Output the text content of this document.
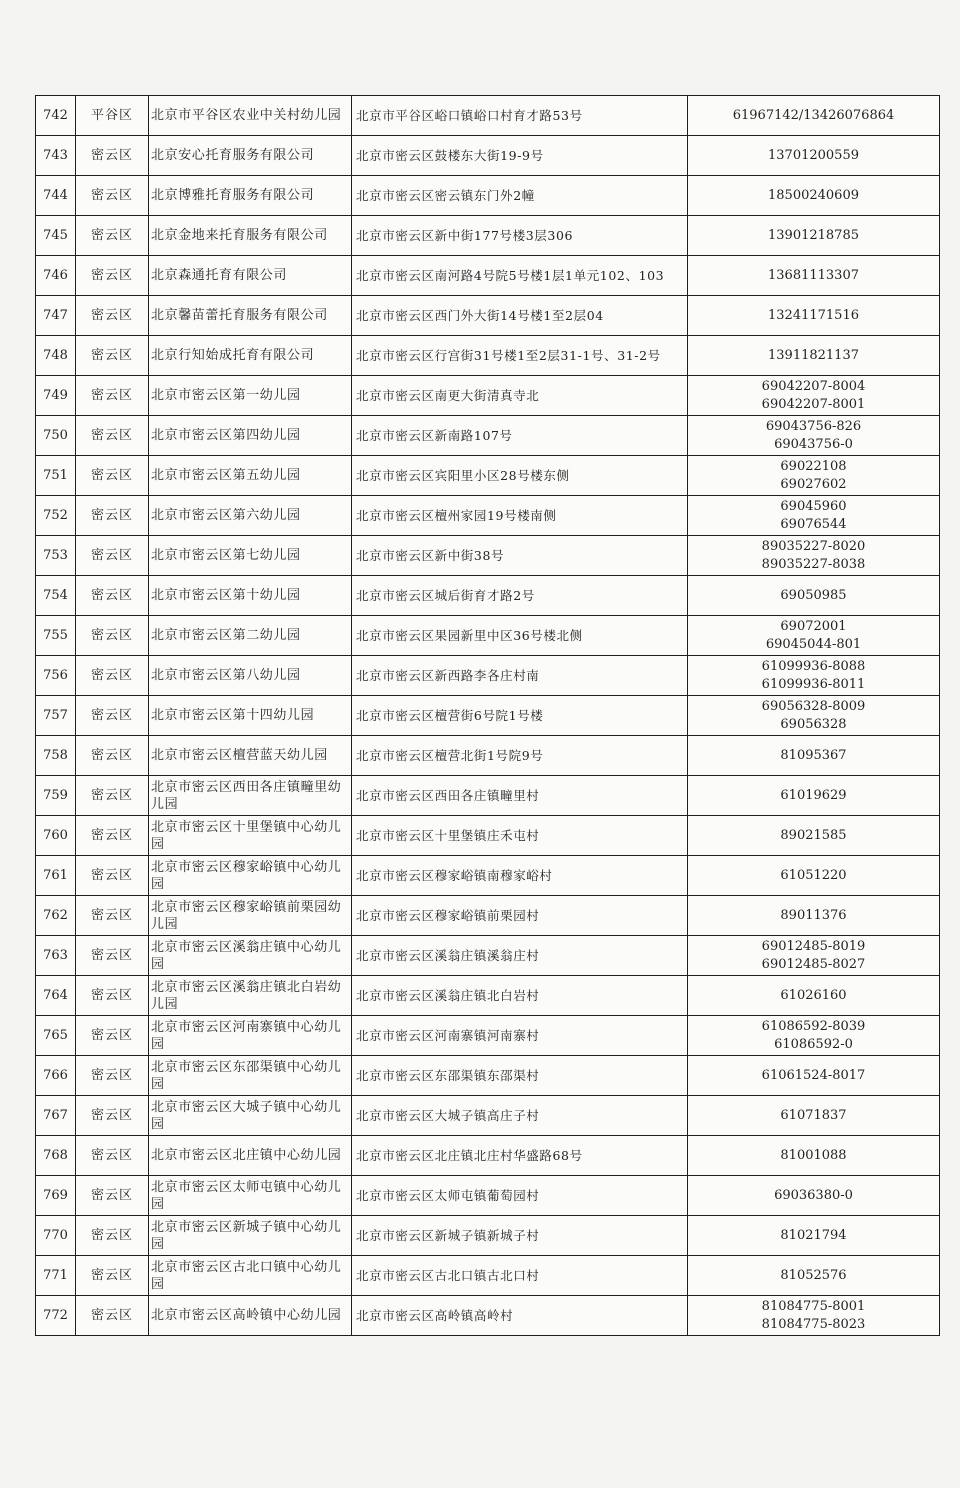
742	平谷区	北京市平谷区农业中关村幼儿园	北京市平谷区峪口镇峪口村育才路53号	61967142/13426076864

743	密云区	北京安心托育服务有限公司	北京市密云区鼓楼东大街19-9号	13701200559

744	密云区	北京博雅托育服务有限公司	北京市密云区密云镇东门外2幢	18500240609

745	密云区	北京金地来托育服务有限公司	北京市密云区新中街177号楼3层306	13901218785

746	密云区	北京森通托育有限公司	北京市密云区南河路4号院5号楼1层1单元102、103	13681113307

747	密云区	北京馨苗蕾托育服务有限公司	北京市密云区西门外大街14号楼1至2层04	13241171516

748	密云区	北京行知始成托育有限公司	北京市密云区行宫街31号楼1至2层31-1号、31-2号	13911821137

749	密云区	北京市密云区第一幼儿园	北京市密云区南更大街清真寺北	69042207-8004
69042207-8001

750	密云区	北京市密云区第四幼儿园	北京市密云区新南路107号	69043756-826
69043756-0

751	密云区	北京市密云区第五幼儿园	北京市密云区宾阳里小区28号楼东侧	69022108
69027602

752	密云区	北京市密云区第六幼儿园	北京市密云区檀州家园19号楼南侧	69045960
69076544

753	密云区	北京市密云区第七幼儿园	北京市密云区新中街38号	89035227-8020
89035227-8038

754	密云区	北京市密云区第十幼儿园	北京市密云区城后街育才路2号	69050985

755	密云区	北京市密云区第二幼儿园	北京市密云区果园新里中区36号楼北侧	69072001
69045044-801

756	密云区	北京市密云区第八幼儿园	北京市密云区新西路李各庄村南	61099936-8088
61099936-8011

757	密云区	北京市密云区第十四幼儿园	北京市密云区檀营街6号院1号楼	69056328-8009
69056328

758	密云区	北京市密云区檀营蓝天幼儿园	北京市密云区檀营北街1号院9号	81095367

759	密云区	北京市密云区西田各庄镇疃里幼儿园	北京市密云区西田各庄镇疃里村	61019629

760	密云区	北京市密云区十里堡镇中心幼儿园	北京市密云区十里堡镇庄禾屯村	89021585

761	密云区	北京市密云区穆家峪镇中心幼儿园	北京市密云区穆家峪镇南穆家峪村	61051220

762	密云区	北京市密云区穆家峪镇前栗园幼儿园	北京市密云区穆家峪镇前栗园村	89011376

763	密云区	北京市密云区溪翁庄镇中心幼儿园	北京市密云区溪翁庄镇溪翁庄村	69012485-8019
69012485-8027

764	密云区	北京市密云区溪翁庄镇北白岩幼儿园	北京市密云区溪翁庄镇北白岩村	61026160

765	密云区	北京市密云区河南寨镇中心幼儿园	北京市密云区河南寨镇河南寨村	61086592-8039
61086592-0

766	密云区	北京市密云区东邵渠镇中心幼儿园	北京市密云区东邵渠镇东邵渠村	61061524-8017

767	密云区	北京市密云区大城子镇中心幼儿园	北京市密云区大城子镇高庄子村	61071837

768	密云区	北京市密云区北庄镇中心幼儿园	北京市密云区北庄镇北庄村华盛路68号	81001088

769	密云区	北京市密云区太师屯镇中心幼儿园	北京市密云区太师屯镇葡萄园村	69036380-0

770	密云区	北京市密云区新城子镇中心幼儿园	北京市密云区新城子镇新城子村	81021794

771	密云区	北京市密云区古北口镇中心幼儿园	北京市密云区古北口镇古北口村	81052576

772	密云区	北京市密云区高岭镇中心幼儿园	北京市密云区高岭镇高岭村	81084775-8001
81084775-8023
